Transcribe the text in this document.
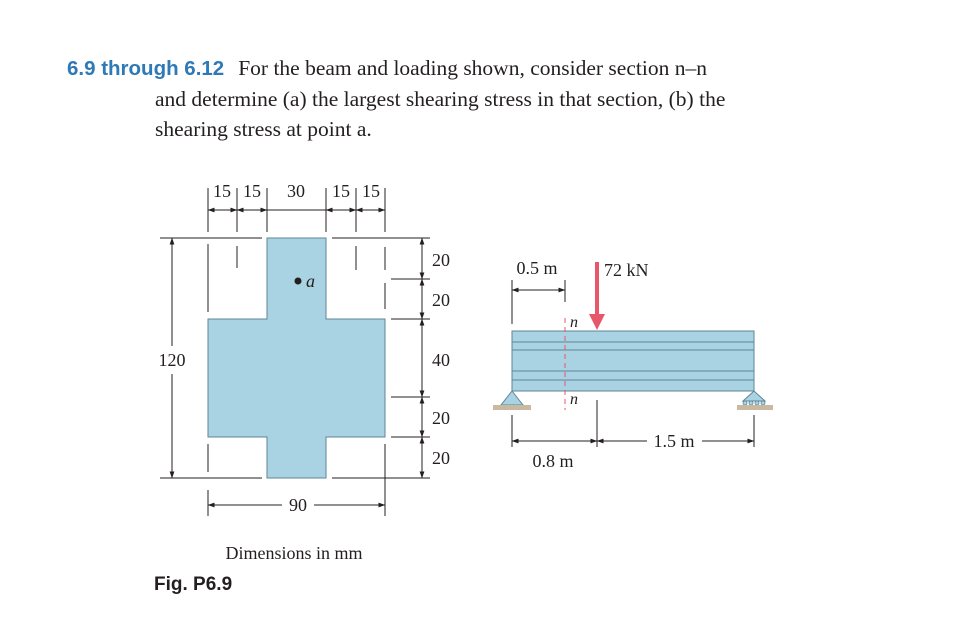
6.9 through 6.12 For the beam and loading shown, consider section n–n
and determine (a) the largest shearing stress in that section, (b) the
shearing stress at point a.
a
15 15 30 15 15
120
90
20
20
40
20
20
Dimensions in mm
n
n
72 kN
0.5 m
0.8 m
1.5 m
Fig. P6.9
